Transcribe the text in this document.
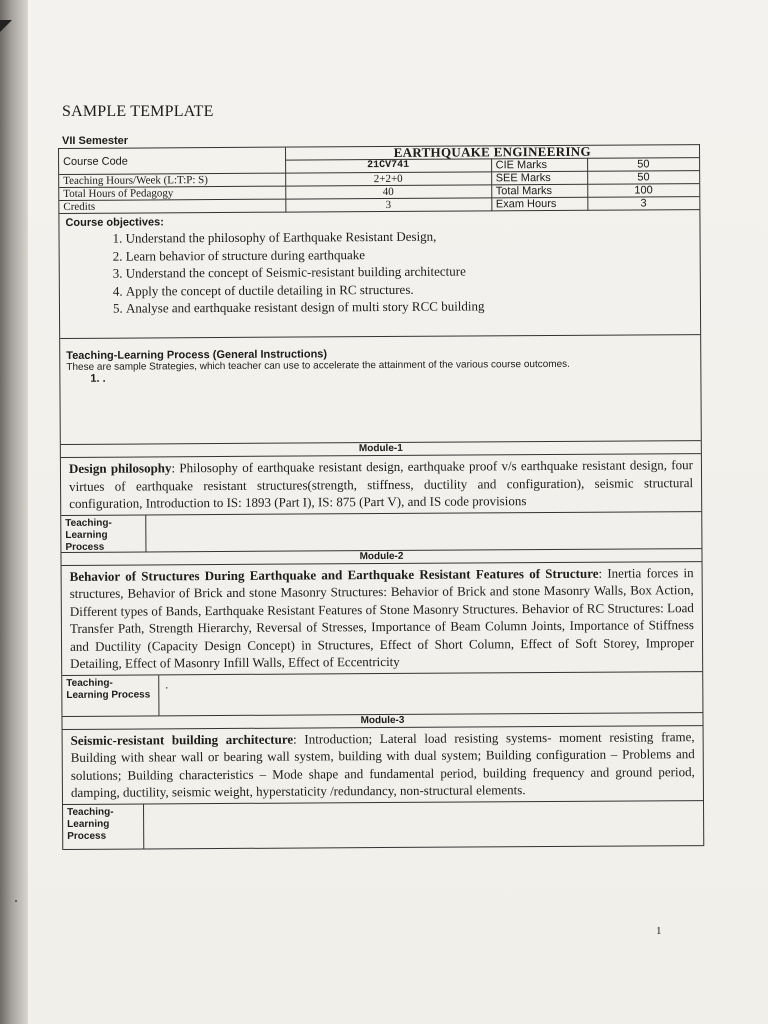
SAMPLE TEMPLATE
VII Semester
Course Code	EARTHQUAKE ENGINEERING		
	21CV741	CIE Marks	50
Teaching Hours/Week (L:T:P: S)	2+2+0	SEE Marks	50
Total Hours of Pedagogy	40	Total Marks	100
Credits	3	Exam Hours	3
Course objectives:
1. Understand the philosophy of Earthquake Resistant Design,
2. Learn behavior of structure during earthquake
3. Understand the concept of Seismic-resistant building architecture
4. Apply the concept of ductile detailing in RC structures.
5. Analyse and earthquake resistant design of multi story RCC building
Teaching-Learning Process (General Instructions)
These are sample Strategies, which teacher can use to accelerate the attainment of the various course outcomes.
1. .
Module-1
Design philosophy: Philosophy of earthquake resistant design, earthquake proof v/s earthquake resistant design, four virtues of earthquake resistant structures(strength, stiffness, ductility and configuration), seismic structural configuration, Introduction to IS: 1893 (Part I), IS: 875 (Part V), and IS code provisions
Teaching-Learning Process
Module-2
Behavior of Structures During Earthquake and Earthquake Resistant Features of Structure: Inertia forces in structures, Behavior of Brick and stone Masonry Structures: Behavior of Brick and stone Masonry Walls, Box Action, Different types of Bands, Earthquake Resistant Features of Stone Masonry Structures. Behavior of RC Structures: Load Transfer Path, Strength Hierarchy, Reversal of Stresses, Importance of Beam Column Joints, Importance of Stiffness and Ductility (Capacity Design Concept) in Structures, Effect of Short Column, Effect of Soft Storey, Improper Detailing, Effect of Masonry Infill Walls, Effect of Eccentricity
Teaching-Learning Process
.
Module-3
Seismic-resistant building architecture: Introduction; Lateral load resisting systems- moment resisting frame, Building with shear wall or bearing wall system, building with dual system; Building configuration – Problems and solutions; Building characteristics – Mode shape and fundamental period, building frequency and ground period, damping, ductility, seismic weight, hyperstaticity /redundancy, non-structural elements.
Teaching-Learning Process
1
